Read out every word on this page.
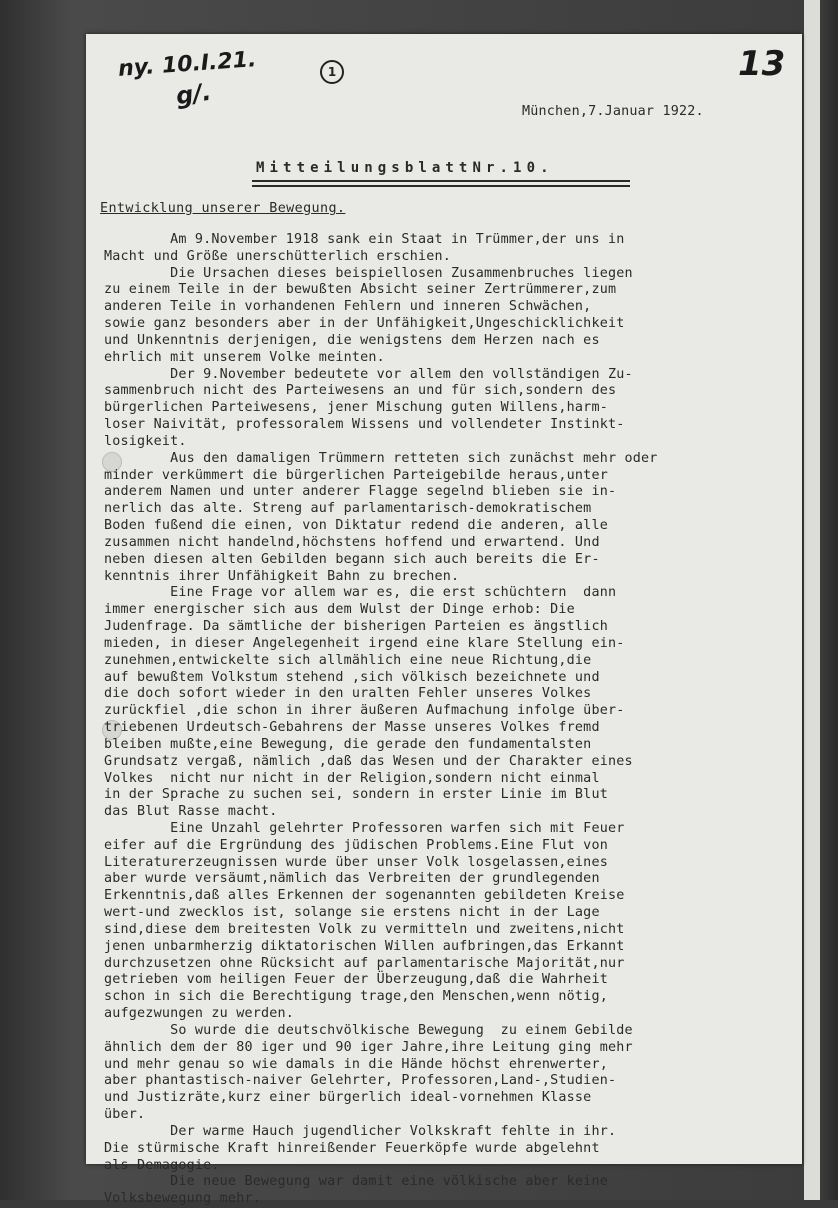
ny. 10.I.21.
g/.
1	13
München,7.Januar 1922.
MitteilungsblattNr.10.
Entwicklung unserer Bewegung.
Am 9.November 1918 sank ein Staat in Trümmer,der uns in
Macht und Größe unerschütterlich erschien.
Die Ursachen dieses beispiellosen Zusammenbruches liegen
zu einem Teile in der bewußten Absicht seiner Zertrümmerer,zum
anderen Teile in vorhandenen Fehlern und inneren Schwächen,
sowie ganz besonders aber in der Unfähigkeit,Ungeschicklichkeit
und Unkenntnis derjenigen, die wenigstens dem Herzen nach es
ehrlich mit unserem Volke meinten.
Der 9.November bedeutete vor allem den vollständigen Zu-
sammenbruch nicht des Parteiwesens an und für sich,sondern des
bürgerlichen Parteiwesens, jener Mischung guten Willens,harm-
loser Naivität, professoralem Wissens und vollendeter Instinkt-
losigkeit.
Aus den damaligen Trümmern retteten sich zunächst mehr oder
minder verkümmert die bürgerlichen Parteigebilde heraus,unter
anderem Namen und unter anderer Flagge segelnd blieben sie in-
nerlich das alte. Streng auf parlamentarisch-demokratischem
Boden fußend die einen, von Diktatur redend die anderen, alle
zusammen nicht handelnd,höchstens hoffend und erwartend. Und
neben diesen alten Gebilden begann sich auch bereits die Er-
kenntnis ihrer Unfähigkeit Bahn zu brechen.
Eine Frage vor allem war es, die erst schüchtern  dann
immer energischer sich aus dem Wulst der Dinge erhob: Die
Judenfrage. Da sämtliche der bisherigen Parteien es ängstlich
mieden, in dieser Angelegenheit irgend eine klare Stellung ein-
zunehmen,entwickelte sich allmählich eine neue Richtung,die
auf bewußtem Volkstum stehend ,sich völkisch bezeichnete und
die doch sofort wieder in den uralten Fehler unseres Volkes
zurückfiel ,die schon in ihrer äußeren Aufmachung infolge über-
triebenen Urdeutsch-Gebahrens der Masse unseres Volkes fremd
bleiben mußte,eine Bewegung, die gerade den fundamentalsten
Grundsatz vergaß, nämlich ,daß das Wesen und der Charakter eines
Volkes  nicht nur nicht in der Religion,sondern nicht einmal
in der Sprache zu suchen sei, sondern in erster Linie im Blut
das Blut Rasse macht.
Eine Unzahl gelehrter Professoren warfen sich mit Feuer
eifer auf die Ergründung des jüdischen Problems.Eine Flut von
Literaturerzeugnissen wurde über unser Volk losgelassen,eines
aber wurde versäumt,nämlich das Verbreiten der grundlegenden
Erkenntnis,daß alles Erkennen der sogenannten gebildeten Kreise
wert-und zwecklos ist, solange sie erstens nicht in der Lage
sind,diese dem breitesten Volk zu vermitteln und zweitens,nicht
jenen unbarmherzig diktatorischen Willen aufbringen,das Erkannt
durchzusetzen ohne Rücksicht auf parlamentarische Majorität,nur
getrieben vom heiligen Feuer der Überzeugung,daß die Wahrheit
schon in sich die Berechtigung trage,den Menschen,wenn nötig,
aufgezwungen zu werden.
So wurde die deutschvölkische Bewegung  zu einem Gebilde
ähnlich dem der 80 iger und 90 iger Jahre,ihre Leitung ging mehr
und mehr genau so wie damals in die Hände höchst ehrenwerter,
aber phantastisch-naiver Gelehrter, Professoren,Land-,Studien-
und Justizräte,kurz einer bürgerlich ideal-vornehmen Klasse
über.
Der warme Hauch jugendlicher Volkskraft fehlte in ihr.
Die stürmische Kraft hinreißender Feuerköpfe wurde abgelehnt
als Demagogie.
Die neue Bewegung war damit eine völkische aber keine
Volksbewegung mehr.
